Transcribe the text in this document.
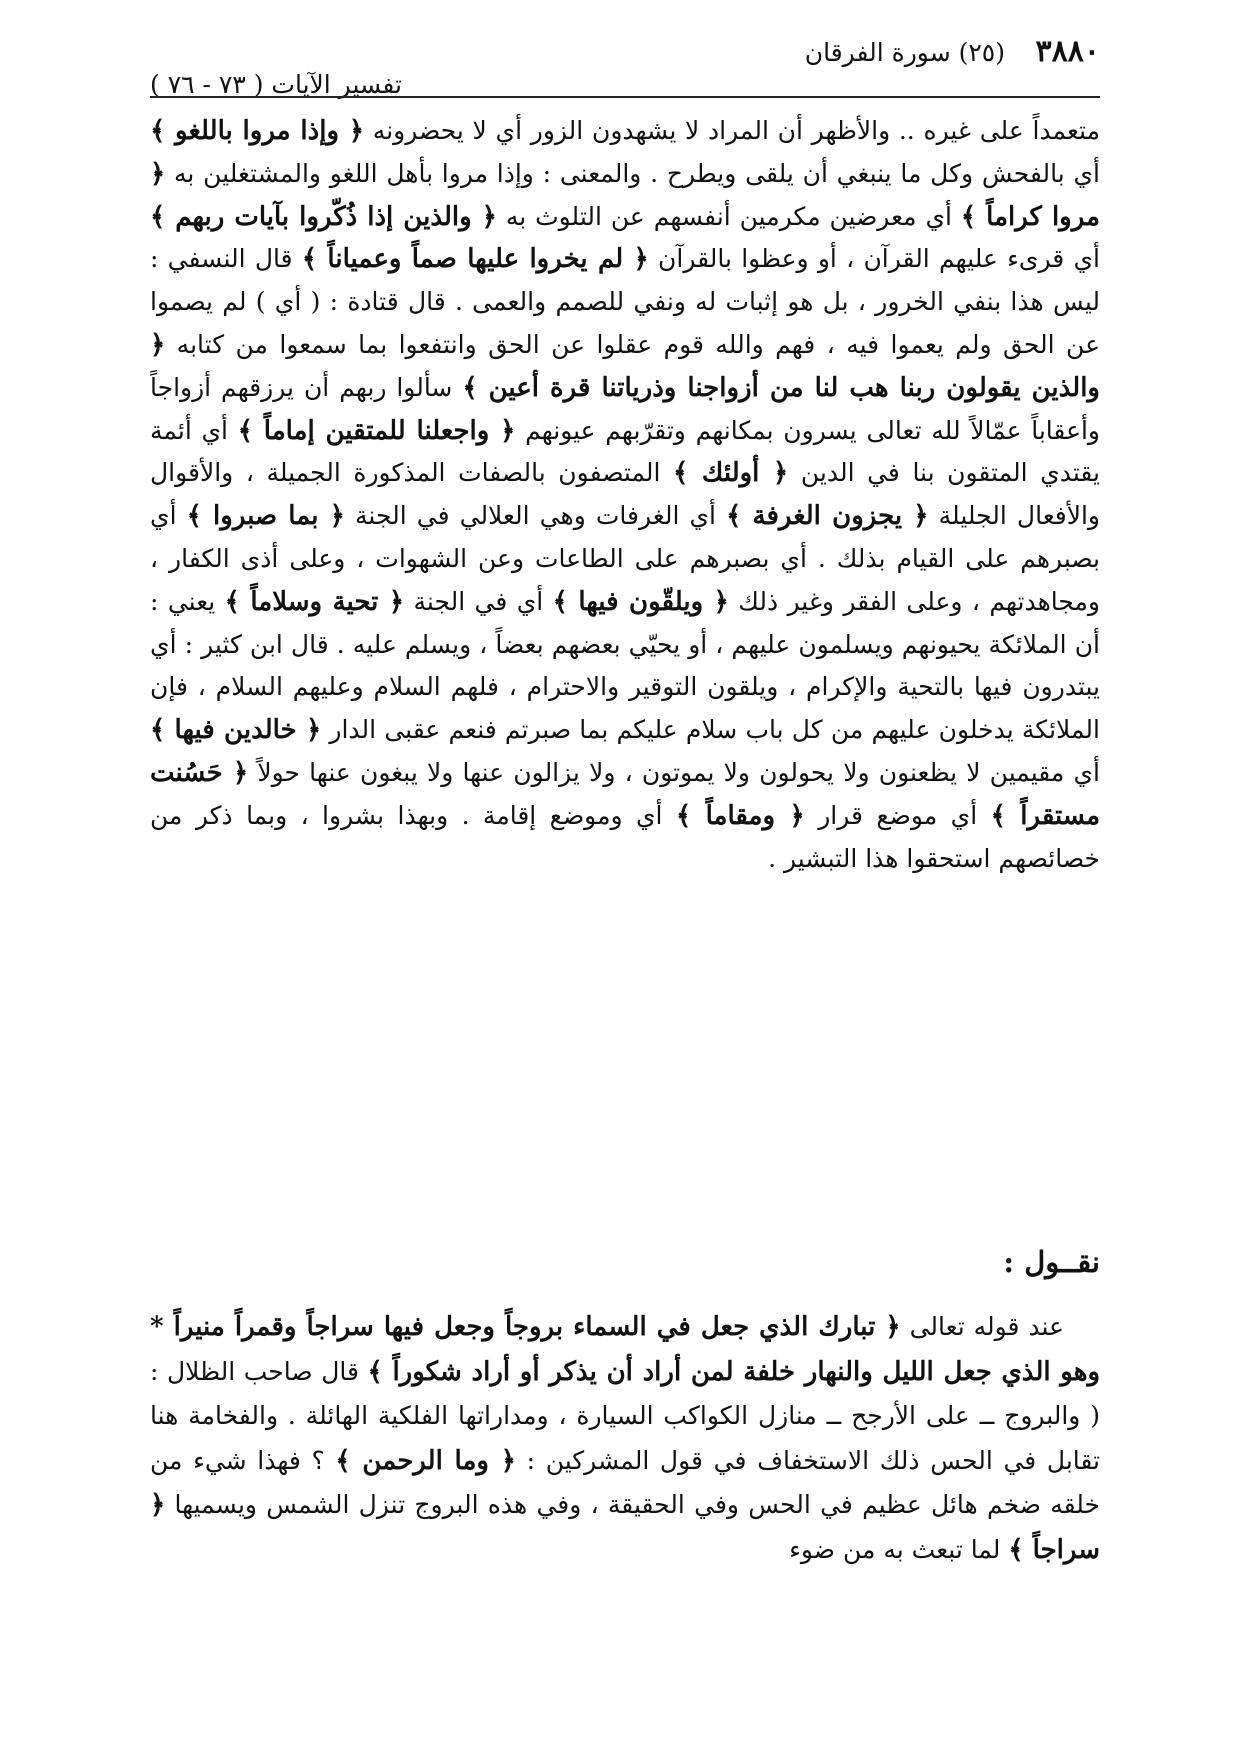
٣٨٨٠
(٢٥) سورة الفرقان
تفسير الآيات ( ٧٣ - ٧٦ )

متعمداً على غيره .. والأظهر أن المراد لا يشهدون الزور أي لا يحضرونه ﴿ وإذا مروا باللغو ﴾ أي بالفحش وكل ما ينبغي أن يلقى ويطرح . والمعنى : وإذا مروا بأهل اللغو والمشتغلين به ﴿ مروا كراماً ﴾ أي معرضين مكرمين أنفسهم عن التلوث به ﴿ والذين إذا ذُكّروا بآيات ربهم ﴾ أي قرىء عليهم القرآن ، أو وعظوا بالقرآن ﴿ لم يخروا عليها صماً وعمياناً ﴾ قال النسفي : ليس هذا بنفي الخرور ، بل هو إثبات له ونفي للصمم والعمى . قال قتادة : ( أي ) لم يصموا عن الحق ولم يعموا فيه ، فهم والله قوم عقلوا عن الحق وانتفعوا بما سمعوا من كتابه ﴿ والذين يقولون ربنا هب لنا من أزواجنا وذرياتنا قرة أعين ﴾ سألوا ربهم أن يرزقهم أزواجاً وأعقاباً عمّالاً لله تعالى يسرون بمكانهم وتقرّبهم عيونهم ﴿ واجعلنا للمتقين إماماً ﴾ أي أئمة يقتدي المتقون بنا في الدين ﴿ أولئك ﴾ المتصفون بالصفات المذكورة الجميلة ، والأقوال والأفعال الجليلة ﴿ يجزون الغرفة ﴾ أي الغرفات وهي العلالي في الجنة ﴿ بما صبروا ﴾ أي بصبرهم على القيام بذلك . أي بصبرهم على الطاعات وعن الشهوات ، وعلى أذى الكفار ، ومجاهدتهم ، وعلى الفقر وغير ذلك ﴿ ويلقّون فيها ﴾ أي في الجنة ﴿ تحية وسلاماً ﴾ يعني : أن الملائكة يحيونهم ويسلمون عليهم ، أو يحيّي بعضهم بعضاً ، ويسلم عليه . قال ابن كثير : أي يبتدرون فيها بالتحية والإكرام ، ويلقون التوقير والاحترام ، فلهم السلام وعليهم السلام ، فإن الملائكة يدخلون عليهم من كل باب سلام عليكم بما صبرتم فنعم عقبى الدار ﴿ خالدين فيها ﴾ أي مقيمين لا يظعنون ولا يحولون ولا يموتون ، ولا يزالون عنها ولا يبغون عنها حولاً ﴿ حَسُنت مستقراً ﴾ أي موضع قرار ﴿ ومقاماً ﴾ أي وموضع إقامة . وبهذا بشروا ، وبما ذكر من خصائصهم استحقوا هذا التبشير .

نقــول :

عند قوله تعالى ﴿ تبارك الذي جعل في السماء بروجاً وجعل فيها سراجاً وقمراً منيراً * وهو الذي جعل الليل والنهار خلفة لمن أراد أن يذكر أو أراد شكوراً ﴾ قال صاحب الظلال : ( والبروج ــ على الأرجح ــ منازل الكواكب السيارة ، ومداراتها الفلكية الهائلة . والفخامة هنا تقابل في الحس ذلك الاستخفاف في قول المشركين : ﴿ وما الرحمن ﴾ ؟ فهذا شيء من خلقه ضخم هائل عظيم في الحس وفي الحقيقة ، وفي هذه البروج تنزل الشمس ويسميها ﴿ سراجاً ﴾ لما تبعث به من ضوء
